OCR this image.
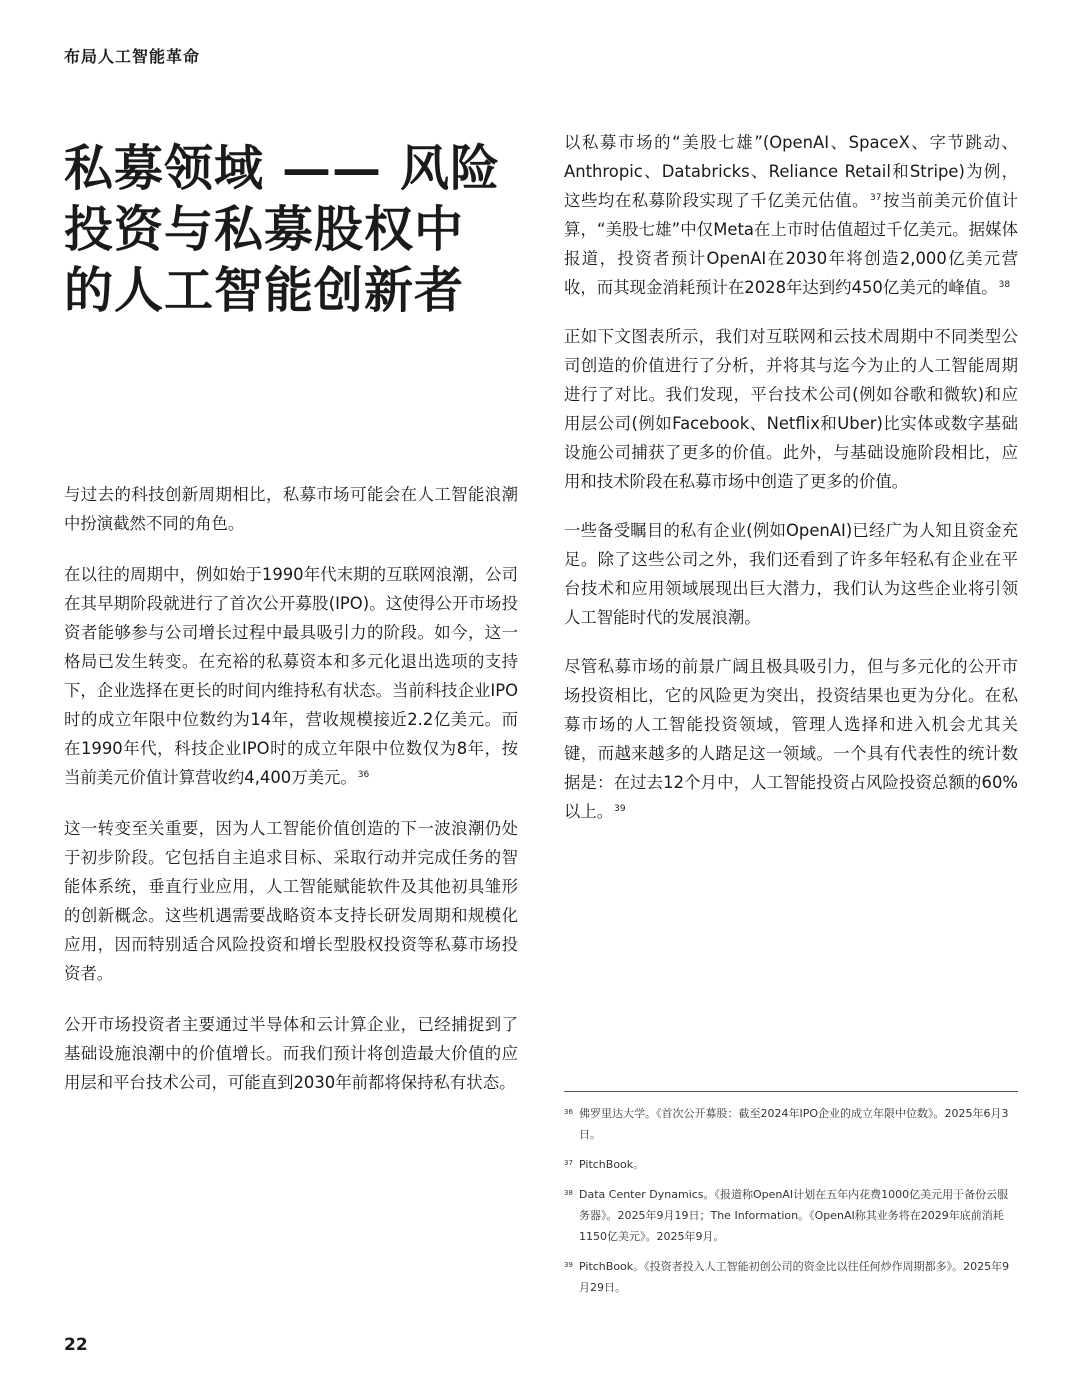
布局人工智能革命
私募领域 —— 风险
投资与私募股权中
的人工智能创新者

与过去的科技创新周期相比，私募市场可能会在人工智能浪潮中扮演截然不同的角色。

在以往的周期中，例如始于1990年代末期的互联网浪潮，公司在其早期阶段就进行了首次公开募股(IPO)。这使得公开市场投资者能够参与公司增长过程中最具吸引力的阶段。如今，这一格局已发生转变。在充裕的私募资本和多元化退出选项的支持下，企业选择在更长的时间内维持私有状态。当前科技企业IPO时的成立年限中位数约为14年，营收规模接近2.2亿美元。而在1990年代，科技企业IPO时的成立年限中位数仅为8年，按当前美元价值计算营收约4,400万美元。$^{36}$

这一转变至关重要，因为人工智能价值创造的下一波浪潮仍处于初步阶段。它包括自主追求目标、采取行动并完成任务的智能体系统，垂直行业应用，人工智能赋能软件及其他初具雏形的创新概念。这些机遇需要战略资本支持长研发周期和规模化应用，因而特别适合风险投资和增长型股权投资等私募市场投资者。

公开市场投资者主要通过半导体和云计算企业，已经捕捉到了基础设施浪潮中的价值增长。而我们预计将创造最大价值的应用层和平台技术公司，可能直到2030年前都将保持私有状态。

以私募市场的“美股七雄”(OpenAI、SpaceX、字节跳动、Anthropic、Databricks、Reliance Retail和Stripe)为例，这些均在私募阶段实现了千亿美元估值。$^{37}$按当前美元价值计算，“美股七雄”中仅Meta在上市时估值超过千亿美元。据媒体报道，投资者预计OpenAI在2030年将创造2,000亿美元营收，而其现金消耗预计在2028年达到约450亿美元的峰值。$^{38}$

正如下文图表所示，我们对互联网和云技术周期中不同类型公司创造的价值进行了分析，并将其与迄今为止的人工智能周期进行了对比。我们发现，平台技术公司(例如谷歌和微软)和应用层公司(例如Facebook、Netflix和Uber)比实体或数字基础设施公司捕获了更多的价值。此外，与基础设施阶段相比，应用和技术阶段在私募市场中创造了更多的价值。

一些备受瞩目的私有企业(例如OpenAI)已经广为人知且资金充足。除了这些公司之外，我们还看到了许多年轻私有企业在平台技术和应用领域展现出巨大潜力，我们认为这些企业将引领人工智能时代的发展浪潮。

尽管私募市场的前景广阔且极具吸引力，但与多元化的公开市场投资相比，它的风险更为突出，投资结果也更为分化。在私募市场的人工智能投资领域，管理人选择和进入机会尤其关键，而越来越多的人踏足这一领域。一个具有代表性的统计数据是：在过去12个月中，人工智能投资占风险投资总额的60%以上。$^{39}$

36 佛罗里达大学。《首次公开募股：截至2024年IPO企业的成立年限中位数》。2025年6月3日。
37 PitchBook。
38 Data Center Dynamics。《报道称OpenAI计划在五年内花费1000亿美元用于备份云服务器》。2025年9月19日；The Information。《OpenAI称其业务将在2029年底前消耗1150亿美元》。2025年9月。
39 PitchBook。《投资者投入人工智能初创公司的资金比以往任何炒作周期都多》。2025年9月29日。
22
